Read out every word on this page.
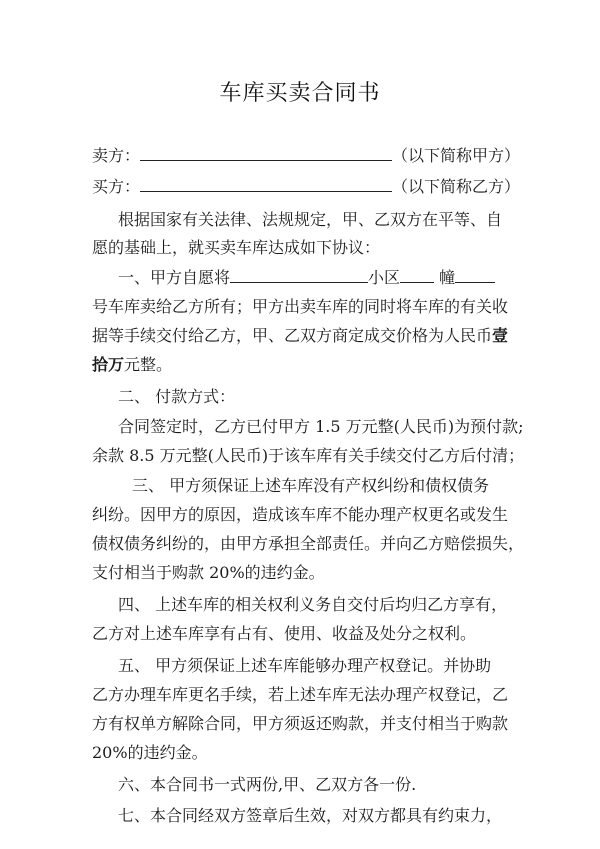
车库买卖合同书
卖方：	（以下简称甲方）
买方：	（以下简称乙方）
根据国家有关法律、法规规定，甲、乙双方在平等、自
愿的基础上，就买卖车库达成如下协议：
一、甲方自愿将	小区 幢
号车库卖给乙方所有；甲方出卖车库的同时将车库的有关收
据等手续交付给乙方，甲、乙双方商定成交价格为人民币壹
拾万元整。
二、 付款方式：
合同签定时，乙方已付甲方 1.5 万元整(人民币)为预付款;
余款 8.5 万元整(人民币)于该车库有关手续交付乙方后付清；
三、 甲方须保证上述车库没有产权纠纷和债权债务
纠纷。因甲方的原因，造成该车库不能办理产权更名或发生
债权债务纠纷的，由甲方承担全部责任。并向乙方赔偿损失，
支付相当于购款 20%的违约金。
四、 上述车库的相关权利义务自交付后均归乙方享有，
乙方对上述车库享有占有、使用、收益及处分之权利。
五、 甲方须保证上述车库能够办理产权登记。并协助
乙方办理车库更名手续，若上述车库无法办理产权登记，乙
方有权单方解除合同，甲方须返还购款，并支付相当于购款
20%的违约金。
六、本合同书一式两份,甲、乙双方各一份.
七、本合同经双方签章后生效，对双方都具有约束力，
